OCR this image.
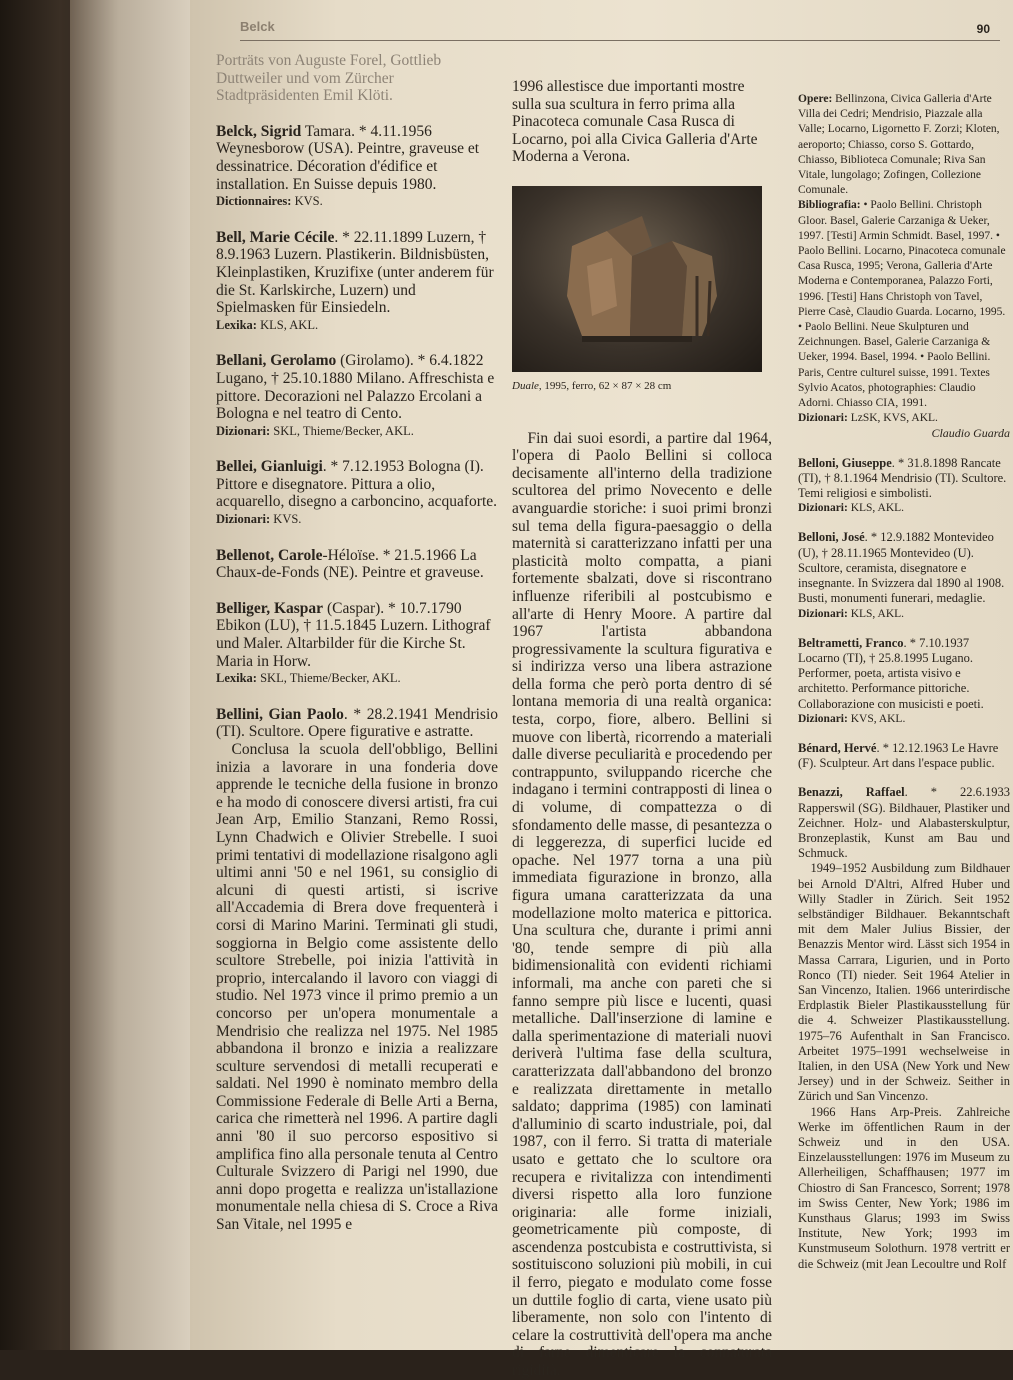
Belck	90

Porträts von Auguste Forel, Gottlieb Duttweiler und vom Zürcher Stadtpräsidenten Emil Klöti.

Belck, Sigrid Tamara. * 4.11.1956 Weynesborow (USA). Peintre, graveuse et dessinatrice. Décoration d'édifice et installation. En Suisse depuis 1980.

Dictionnaires: KVS.

Bell, Marie Cécile. * 22.11.1899 Luzern, † 8.9.1963 Luzern. Plastikerin. Bildnisbüsten, Kleinplastiken, Kruzifixe (unter anderem für die St. Karlskirche, Luzern) und Spielmasken für Einsiedeln.

Lexika: KLS, AKL.

Bellani, Gerolamo (Girolamo). * 6.4.1822 Lugano, † 25.10.1880 Milano. Affreschista e pittore. Decorazioni nel Palazzo Ercolani a Bologna e nel teatro di Cento.

Dizionari: SKL, Thieme/Becker, AKL.

Bellei, Gianluigi. * 7.12.1953 Bologna (I). Pittore e disegnatore. Pittura a olio, acquarello, disegno a carboncino, acquaforte.

Dizionari: KVS.

Bellenot, Carole-Héloïse. * 21.5.1966 La Chaux-de-Fonds (NE). Peintre et graveuse.

Belliger, Kaspar (Caspar). * 10.7.1790 Ebikon (LU), † 11.5.1845 Luzern. Lithograf und Maler. Altarbilder für die Kirche St. Maria in Horw.

Lexika: SKL, Thieme/Becker, AKL.

Bellini, Gian Paolo. * 28.2.1941 Mendrisio (TI). Scultore. Opere figurative e astratte.

Conclusa la scuola dell'obbligo, Bellini inizia a lavorare in una fonderia dove apprende le tecniche della fusione in bronzo e ha modo di conoscere diversi artisti, fra cui Jean Arp, Emilio Stanzani, Remo Rossi, Lynn Chadwich e Olivier Strebelle. I suoi primi tentativi di modellazione risalgono agli ultimi anni '50 e nel 1961, su consiglio di alcuni di questi artisti, si iscrive all'Accademia di Brera dove frequenterà i corsi di Marino Marini. Terminati gli studi, soggiorna in Belgio come assistente dello scultore Strebelle, poi inizia l'attività in proprio, intercalando il lavoro con viaggi di studio. Nel 1973 vince il primo premio a un concorso per un'opera monumentale a Mendrisio che realizza nel 1975. Nel 1985 abbandona il bronzo e inizia a realizzare sculture servendosi di metalli recuperati e saldati. Nel 1990 è nominato membro della Commissione Federale di Belle Arti a Berna, carica che rimetterà nel 1996. A partire dagli anni '80 il suo percorso espositivo si amplifica fino alla personale tenuta al Centro Culturale Svizzero di Parigi nel 1990, due anni dopo progetta e realizza un'istallazione monumentale nella chiesa di S. Croce a Riva San Vitale, nel 1995 e

1996 allestisce due importanti mostre sulla sua scultura in ferro prima alla Pinacoteca comunale Casa Rusca di Locarno, poi alla Civica Galleria d'Arte Moderna a Verona.

Duale, 1995, ferro, 62 × 87 × 28 cm

Fin dai suoi esordi, a partire dal 1964, l'opera di Paolo Bellini si colloca decisamente all'interno della tradizione scultorea del primo Novecento e delle avanguardie storiche: i suoi primi bronzi sul tema della figura-paesaggio o della maternità si caratterizzano infatti per una plasticità molto compatta, a piani fortemente sbalzati, dove si riscontrano influenze riferibili al postcubismo e all'arte di Henry Moore. A partire dal 1967 l'artista abbandona progressivamente la scultura figurativa e si indirizza verso una libera astrazione della forma che però porta dentro di sé lontana memoria di una realtà organica: testa, corpo, fiore, albero. Bellini si muove con libertà, ricorrendo a materiali dalle diverse peculiarità e procedendo per contrappunto, sviluppando ricerche che indagano i termini contrapposti di linea o di volume, di compattezza o di sfondamento delle masse, di pesantezza o di leggerezza, di superfici lucide ed opache. Nel 1977 torna a una più immediata figurazione in bronzo, alla figura umana caratterizzata da una modellazione molto materica e pittorica. Una scultura che, durante i primi anni '80, tende sempre di più alla bidimensionalità con evidenti richiami informali, ma anche con pareti che si fanno sempre più lisce e lucenti, quasi metalliche. Dall'inserzione di lamine e dalla sperimentazione di materiali nuovi deriverà l'ultima fase della scultura, caratterizzata dall'abbandono del bronzo e realizzata direttamente in metallo saldato; dapprima (1985) con laminati d'alluminio di scarto industriale, poi, dal 1987, con il ferro. Si tratta di materiale usato e gettato che lo scultore ora recupera e rivitalizza con intendimenti diversi rispetto alla loro funzione originaria: alle forme iniziali, geometricamente più composte, di ascendenza postcubista e costruttivista, si sostituiscono soluzioni più mobili, in cui il ferro, piegato e modulato come fosse un duttile foglio di carta, viene usato più liberamente, non solo con l'intento di celare la costruttività dell'opera ma anche di farne dimenticare la connaturata rigidità.

Opere: Bellinzona, Civica Galleria d'Arte Villa dei Cedri; Mendrisio, Piazzale alla Valle; Locarno, Ligornetto F. Zorzi; Kloten, aeroporto; Chiasso, corso S. Gottardo, Chiasso, Biblioteca Comunale; Riva San Vitale, lungolago; Zofingen, Collezione Comunale.

Bibliografia: • Paolo Bellini. Christoph Gloor. Basel, Galerie Carzaniga & Ueker, 1997. [Testi] Armin Schmidt. Basel, 1997. • Paolo Bellini. Locarno, Pinacoteca comunale Casa Rusca, 1995; Verona, Galleria d'Arte Moderna e Contemporanea, Palazzo Forti, 1996. [Testi] Hans Christoph von Tavel, Pierre Casè, Claudio Guarda. Locarno, 1995. • Paolo Bellini. Neue Skulpturen und Zeichnungen. Basel, Galerie Carzaniga & Ueker, 1994. Basel, 1994. • Paolo Bellini. Paris, Centre culturel suisse, 1991. Textes Sylvio Acatos, photographies: Claudio Adorni. Chiasso CIA, 1991.

Dizionari: LzSK, KVS, AKL.

Claudio Guarda

Belloni, Giuseppe. * 31.8.1898 Rancate (TI), † 8.1.1964 Mendrisio (TI). Scultore. Temi religiosi e simbolisti.

Dizionari: KLS, AKL.

Belloni, José. * 12.9.1882 Montevideo (U), † 28.11.1965 Montevideo (U). Scultore, ceramista, disegnatore e insegnante. In Svizzera dal 1890 al 1908. Busti, monumenti funerari, medaglie.

Dizionari: KLS, AKL.

Beltrametti, Franco. * 7.10.1937 Locarno (TI), † 25.8.1995 Lugano. Performer, poeta, artista visivo e architetto. Performance pittoriche. Collaborazione con musicisti e poeti.

Dizionari: KVS, AKL.

Bénard, Hervé. * 12.12.1963 Le Havre (F). Sculpteur. Art dans l'espace public.

Benazzi, Raffael. * 22.6.1933 Rapperswil (SG). Bildhauer, Plastiker und Zeichner. Holz- und Alabasterskulptur, Bronzeplastik, Kunst am Bau und Schmuck.

1949–1952 Ausbildung zum Bildhauer bei Arnold D'Altri, Alfred Huber und Willy Stadler in Zürich. Seit 1952 selbständiger Bildhauer. Bekanntschaft mit dem Maler Julius Bissier, der Benazzis Mentor wird. Lässt sich 1954 in Massa Carrara, Ligurien, und in Porto Ronco (TI) nieder. Seit 1964 Atelier in San Vincenzo, Italien. 1966 unterirdische Erdplastik Bieler Plastikausstellung für die 4. Schweizer Plastikausstellung. 1975–76 Aufenthalt in San Francisco. Arbeitet 1975–1991 wechselweise in Italien, in den USA (New York und New Jersey) und in der Schweiz. Seither in Zürich und San Vincenzo.

1966 Hans Arp-Preis. Zahlreiche Werke im öffentlichen Raum in der Schweiz und in den USA. Einzelausstellungen: 1976 im Museum zu Allerheiligen, Schaffhausen; 1977 im Chiostro di San Francesco, Sorrent; 1978 im Swiss Center, New York; 1986 im Kunsthaus Glarus; 1993 im Swiss Institute, New York; 1993 im Kunstmuseum Solothurn. 1978 vertritt er die Schweiz (mit Jean Lecoultre und Rolf
